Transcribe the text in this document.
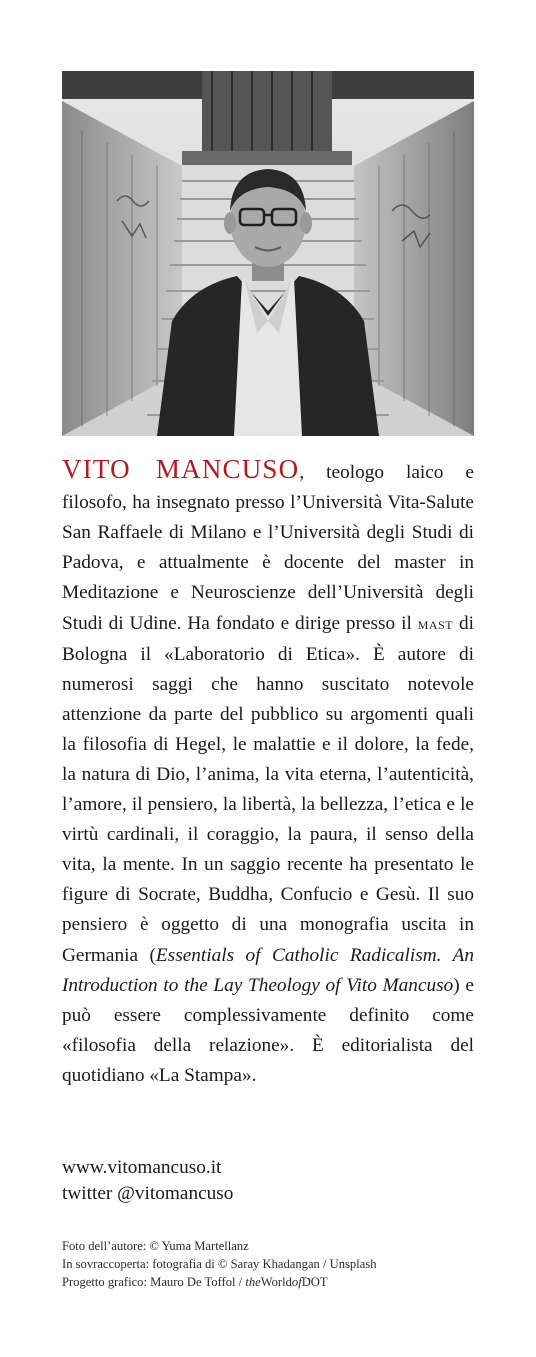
VITO MANCUSO, teologo laico e filosofo, ha insegnato presso l’Università Vita-Salute San Raffaele di Milano e l’Università degli Studi di Padova, e attualmente è docente del master in Meditazione e Neuroscienze dell’Università degli Studi di Udine. Ha fondato e dirige presso il mast di Bologna il «Laboratorio di Etica». È autore di numerosi saggi che hanno suscitato notevole attenzione da parte del pubblico su argomenti quali la filosofia di Hegel, le malattie e il dolore, la fede, la natura di Dio, l’anima, la vita eterna, l’autenticità, l’amore, il pensiero, la libertà, la bellezza, l’etica e le virtù cardinali, il coraggio, la paura, il senso della vita, la mente. In un saggio recente ha presentato le figure di Socrate, Buddha, Confucio e Gesù. Il suo pensiero è oggetto di una monografia uscita in Germania (Essentials of Catholic Radicalism. An Introduction to the Lay Theology of Vito Mancuso) e può essere complessivamente definito come «filosofia della relazione». È editorialista del quotidiano «La Stampa».

www.vitomancuso.it
twitter @vitomancuso
Foto dell’autore: © Yuma Martellanz
In sovraccoperta: fotografia di © Saray Khadangan / Unsplash
Progetto grafico: Mauro De Toffol / theWorldofDOT
